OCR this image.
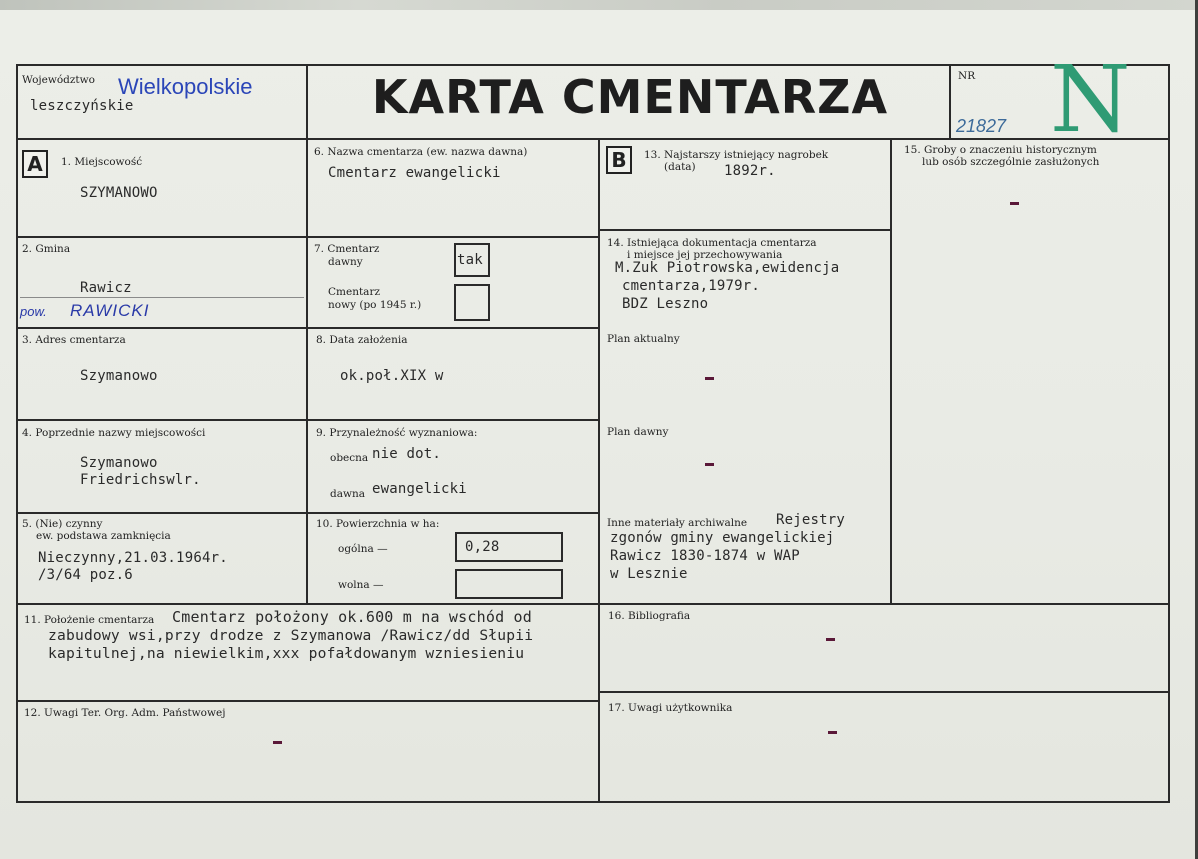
Województwo Wielkopolskie
leszczyńskie	KARTA CMENTARZA	NR
21827 N
A	1. Miejscowość
SZYMANOWO
2. Gmina
Rawicz
pow. RAWICKI
3. Adres cmentarza
Szymanowo
4. Poprzednie nazwy miejscowości
Szymanowo
Friedrichswlr.
5. (Nie) czynny
ew. podstawa zamknięcia
Nieczynny,21.03.1964r.
/3/64 poz.6
6. Nazwa cmentarza (ew. nazwa dawna)
Cmentarz ewangelicki
7. Cmentarz
dawny
Cmentarz
nowy (po 1945 r.)
tak
8. Data założenia
ok.poł.XIX w
9. Przynależność wyznaniowa:
obecna nie dot.
dawna ewangelicki
10. Powierzchnia w ha:
ogólna —	0,28
wolna —
11. Położenie cmentarza Cmentarz położony ok.600 m na wschód od
zabudowy wsi,przy drodze z Szymanowa /Rawicz/dd Słupii
kapitulnej,na niewielkim,xxx pofałdowanym wzniesieniu
12. Uwagi Ter. Org. Adm. Państwowej
B	13. Najstarszy istniejący nagrobek
(data) 1892r.
14. Istniejąca dokumentacja cmentarza
i miejsce jej przechowywania
M.Zuk Piotrowska,ewidencja
cmentarza,1979r.
BDZ Leszno
Plan aktualny
Plan dawny
Inne materiały archiwalne Rejestry
zgonów gminy ewangelickiej
Rawicz 1830-1874 w WAP
w Lesznie
15. Groby o znaczeniu historycznym
lub osób szczególnie zasłużonych
16. Bibliografia
17. Uwagi użytkownika
